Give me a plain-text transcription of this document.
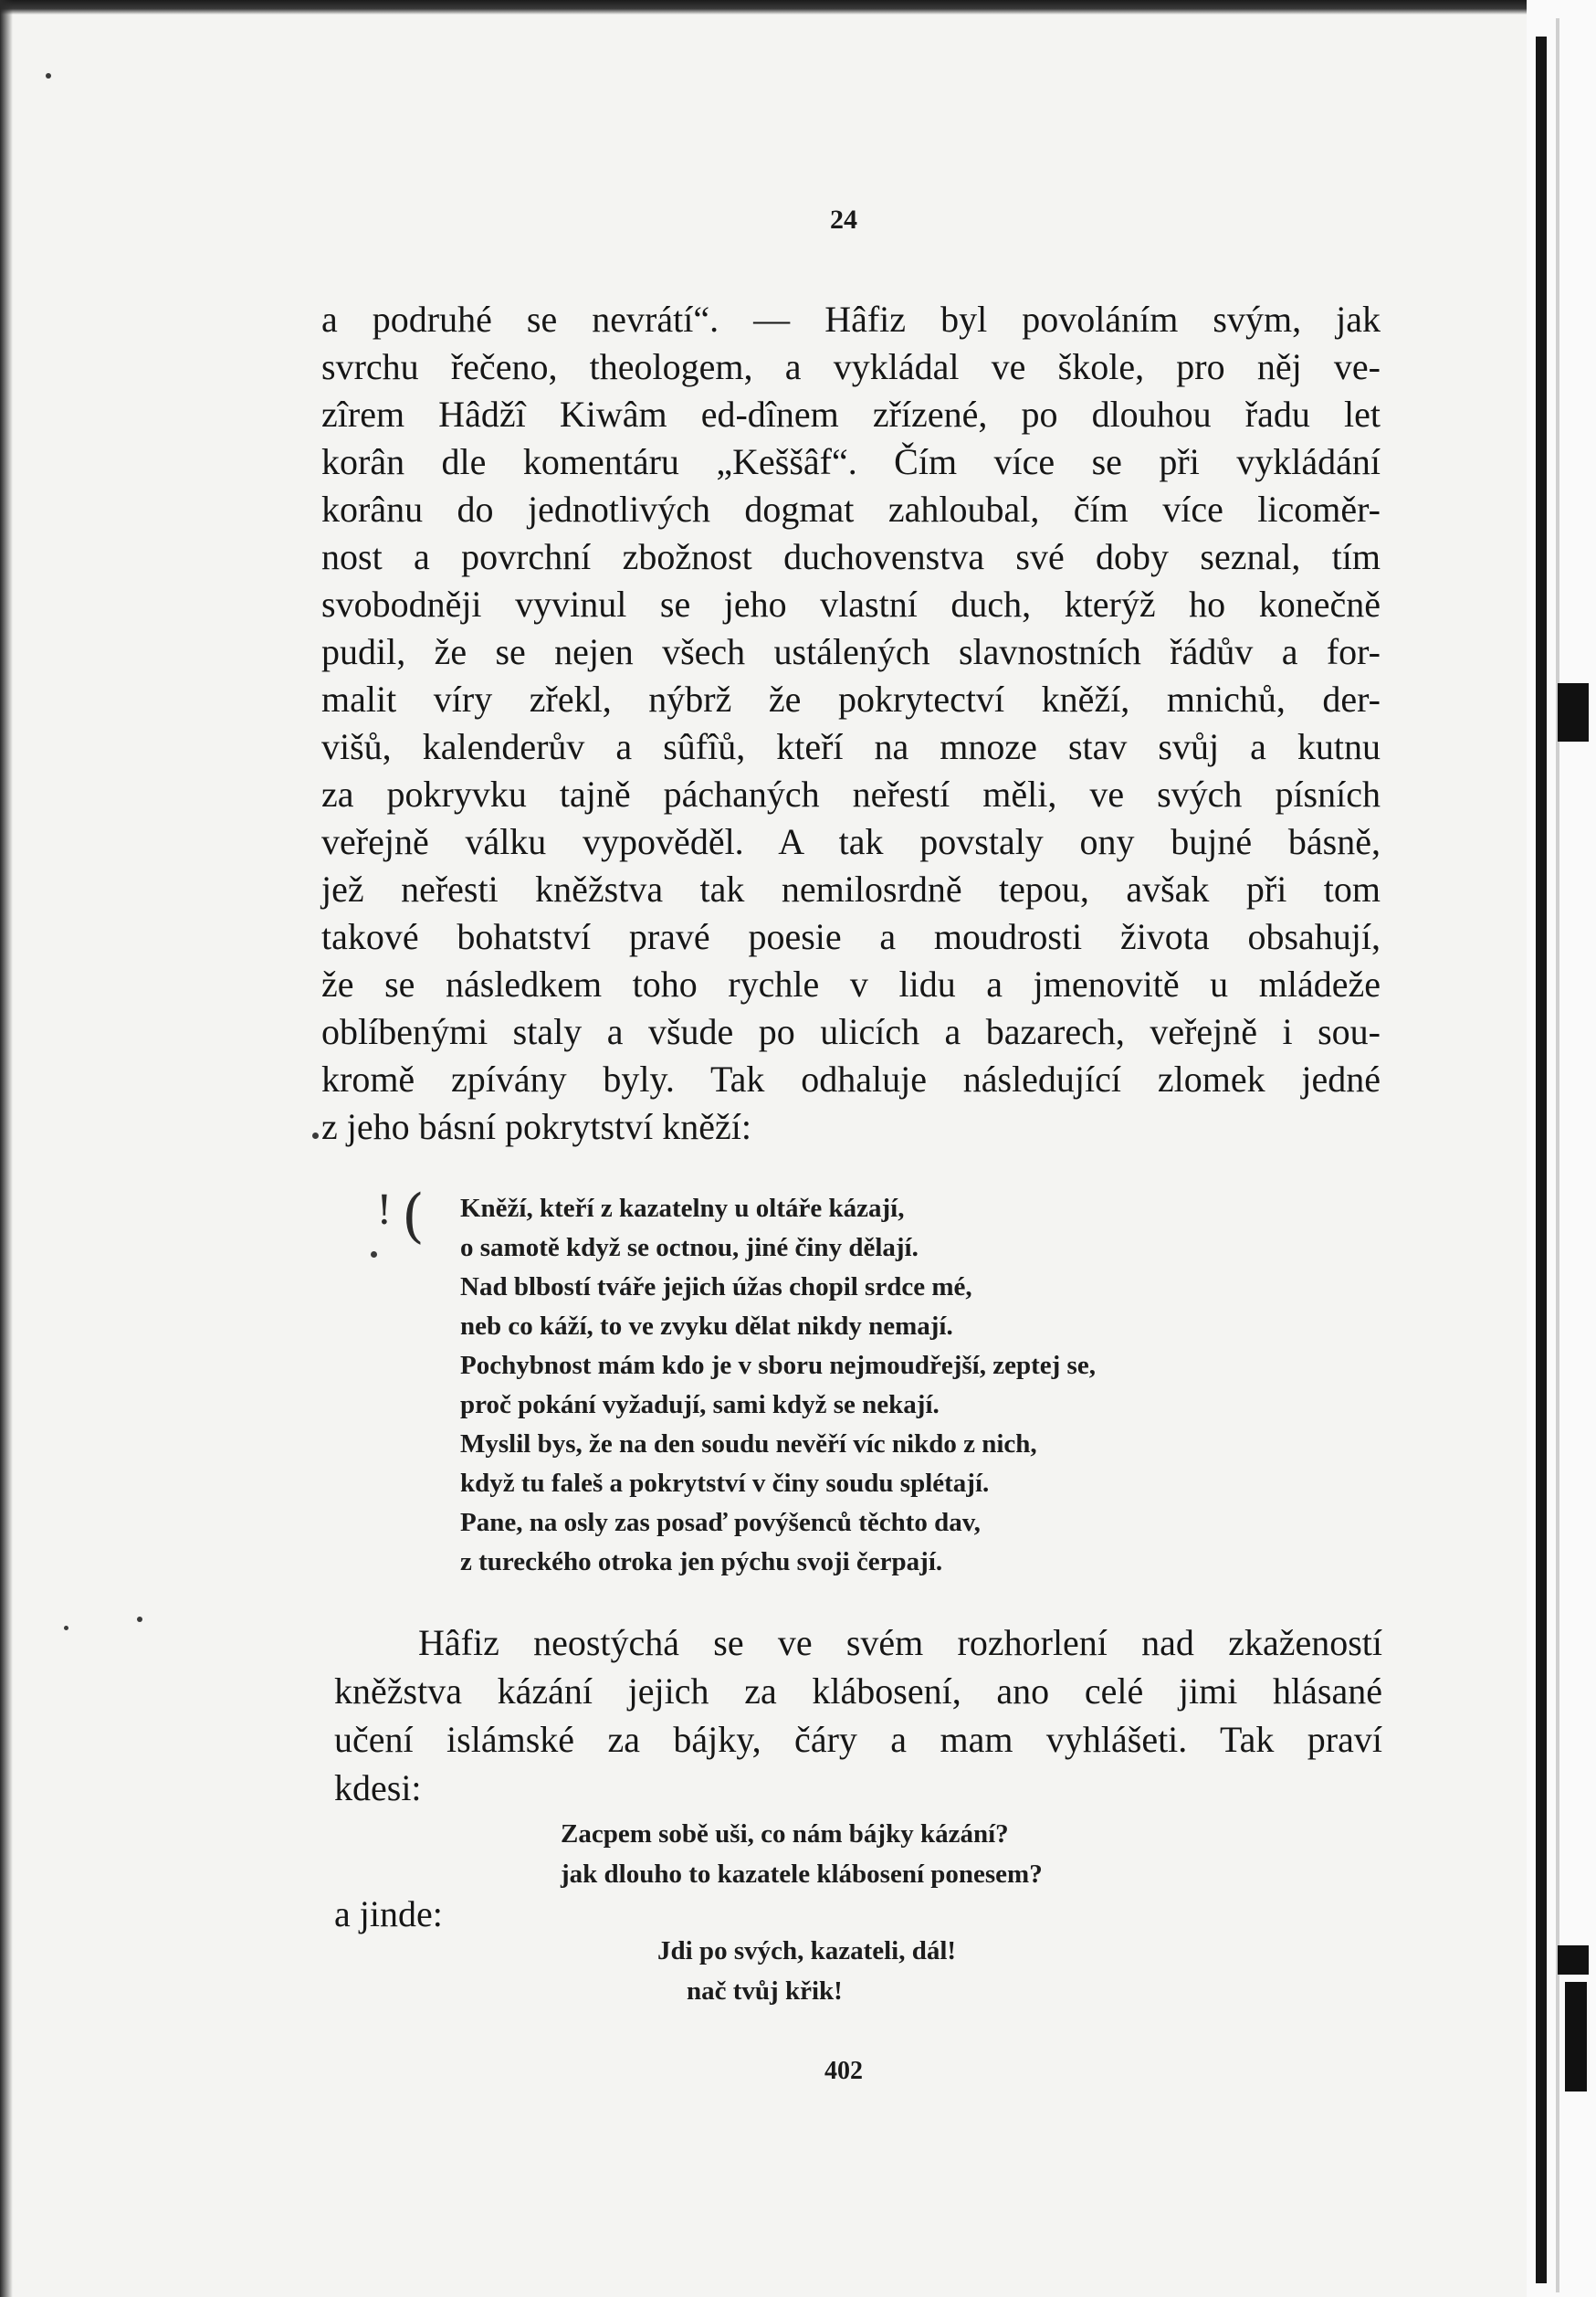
24
a podruhé se nevrátí“. — Hâfiz byl povoláním svým, jak
svrchu řečeno, theologem, a vykládal ve škole, pro něj ve-
zîrem Hâdžî Kiwâm ed-dînem zřízené, po dlouhou řadu let
korân dle komentáru „Keššâf“. Čím více se při vykládání
korânu do jednotlivých dogmat zahloubal, čím více licoměr-
nost a povrchní zbožnost duchovenstva své doby seznal, tím
svobodněji vyvinul se jeho vlastní duch, kterýž ho konečně
pudil, že se nejen všech ustálených slavnostních řádův a for-
malit víry zřekl, nýbrž že pokrytectví kněží, mnichů, der-
višů, kalenderův a sûfîů, kteří na mnoze stav svůj a kutnu
za pokryvku tajně páchaných neřestí měli, ve svých písních
veřejně válku vypověděl. A tak povstaly ony bujné básně,
jež neřesti kněžstva tak nemilosrdně tepou, avšak při tom
takové bohatství pravé poesie a moudrosti života obsahují,
že se následkem toho rychle v lidu a jmenovitě u mládeže
oblíbenými staly a všude po ulicích a bazarech, veřejně i sou-
kromě zpívány byly. Tak odhaluje následující zlomek jedné
z jeho básní pokrytství kněží:
! ( Kněží, kteří z kazatelny u oltáře kázají,
o samotě když se octnou, jiné činy dělají.
Nad blbostí tváře jejich úžas chopil srdce mé,
neb co káží, to ve zvyku dělat nikdy nemají.
Pochybnost mám kdo je v sboru nejmoudřejší, zeptej se,
proč pokání vyžadují, sami když se nekají.
Myslil bys, že na den soudu nevěří víc nikdo z nich,
když tu faleš a pokrytství v činy soudu splétají.
Pane, na osly zas posaď povýšenců těchto dav,
z tureckého otroka jen pýchu svoji čerpají.
Hâfiz neostýchá se ve svém rozhorlení nad zkažeností
kněžstva kázání jejich za klábosení, ano celé jimi hlásané
učení islámské za bájky, čáry a mam vyhlášeti. Tak praví
kdesi:
Zacpem sobě uši, co nám bájky kázání?
jak dlouho to kazatele klábosení ponesem?
a jinde:
Jdi po svých, kazateli, dál!
nač tvůj křik!
402
